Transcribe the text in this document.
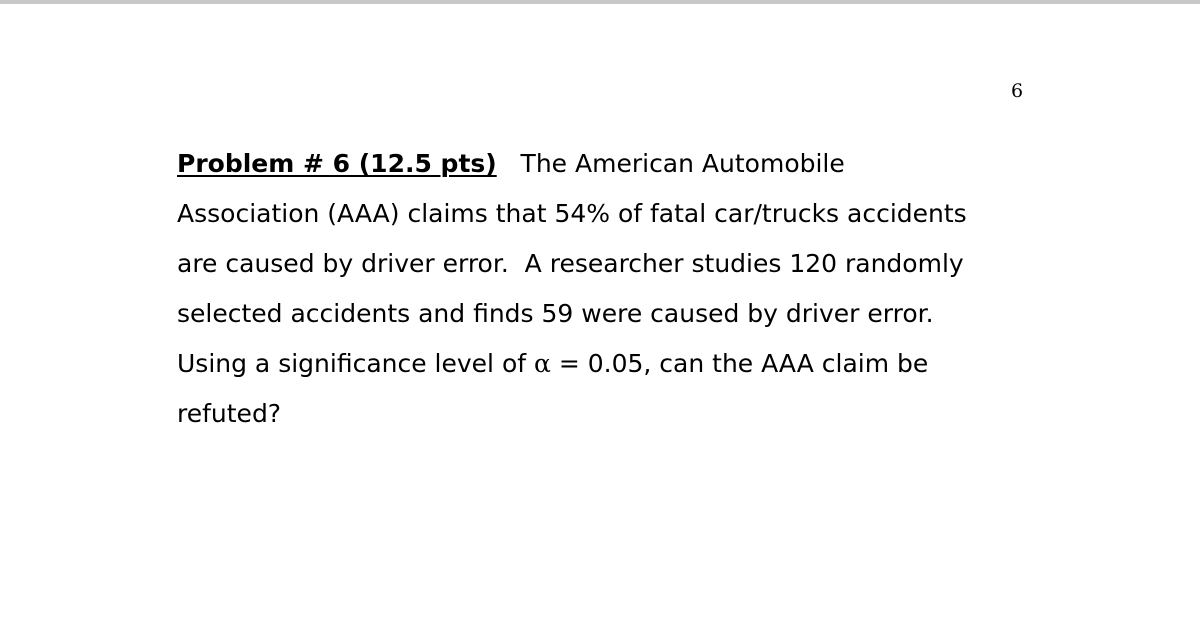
6
Problem # 6 (12.5 pts)   The American Automobile
Association (AAA) claims that 54% of fatal car/trucks accidents
are caused by driver error.  A researcher studies 120 randomly
selected accidents and finds 59 were caused by driver error.
Using a significance level of α = 0.05, can the AAA claim be
refuted?
